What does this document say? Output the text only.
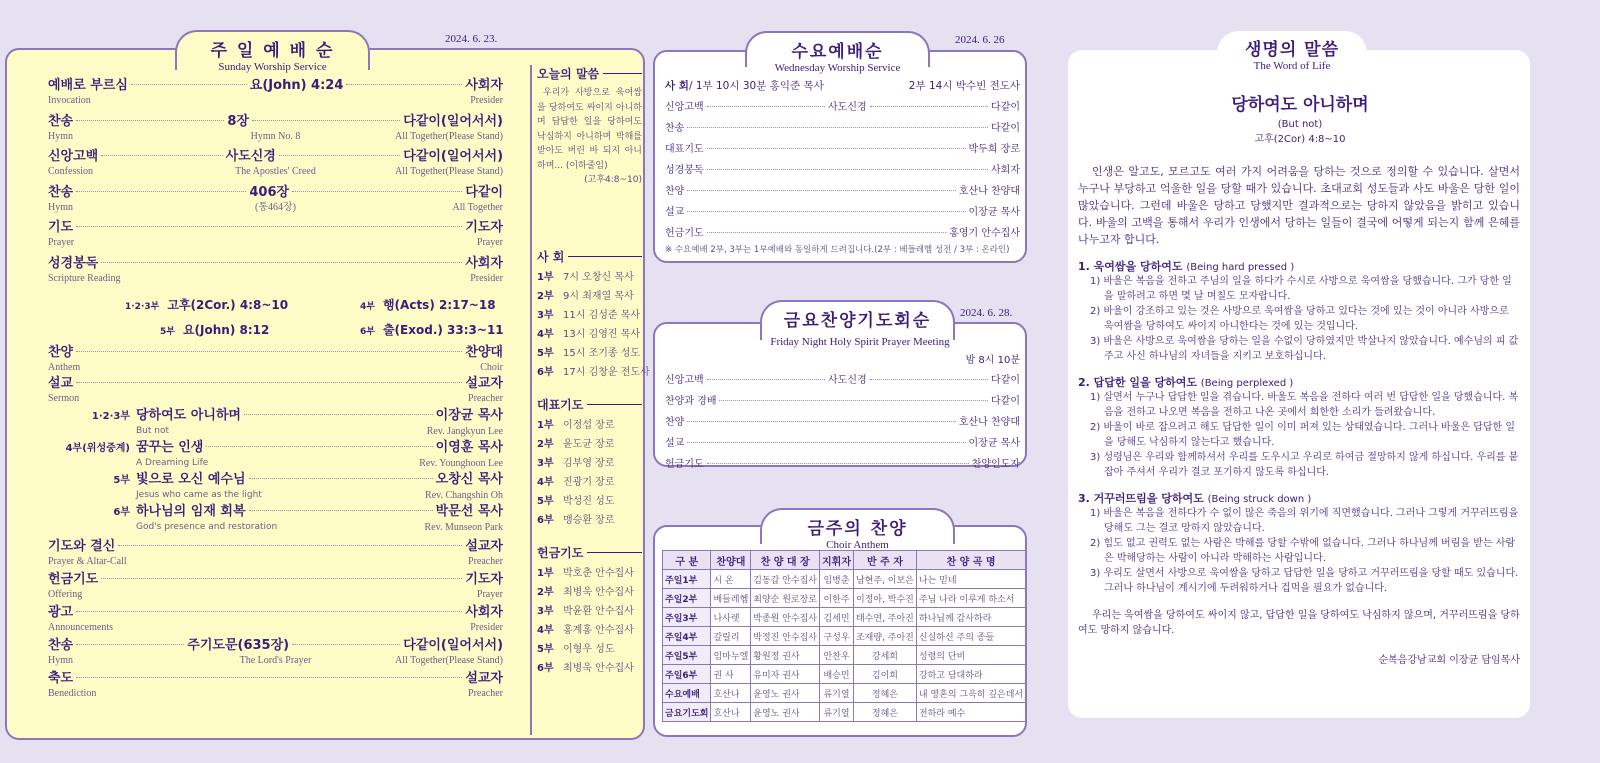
주 일 예 배 순
Sunday Worship Service
2024. 6. 23.
예배로 부르심	요(John) 4:24	사회자
Invocation	Presider
찬송	8장	다같이(일어서서)
Hymn	Hymn No. 8	All Together(Please Stand)
신앙고백	사도신경	다같이(일어서서)
Confession	The Apostles' Creed	All Together(Please Stand)
찬송	406장	다같이
Hymn	(통464장)	All Together
기도	기도자
Prayer	Prayer
성경봉독	사회자
Scripture Reading	Presider
1·2·3부 고후(2Cor.) 4:8~10	4부 행(Acts) 2:17~18
5부 요(John) 8:12	6부 출(Exod.) 33:3~11
찬양	찬양대
Anthem	Choir
설교	설교자
Sermon	Preacher
1·2·3부 당하여도 아니하며	이장균 목사
But not	Rev. Jangkyun Lee
4부(위성중계) 꿈꾸는 인생	이영훈 목사
A Dreaming Life	Rev. Younghoon Lee
5부 빛으로 오신 예수님	오창신 목사
Jesus who came as the light	Rev. Changshin Oh
6부 하나님의 임재 회복	박문선 목사
God's presence and restoration	Rev. Munseon Park
기도와 결신	설교자
Prayer & Altar-Call	Preacher
헌금기도	기도자
Offering	Prayer
광고	사회자
Announcements	Presider
찬송	주기도문(635장)	다같이(일어서서)
Hymn	The Lord's Prayer	All Together(Please Stand)
축도	설교자
Benediction	Preacher
오늘의 말씀
우리가 사방으로 욱여쌈을 당하여도 싸이지 아니하며 답답한 일을 당하여도 낙심하지 아니하며 박해를 받아도 버린 바 되지 아니하며... (이하줄임)
(고후4:8~10)
사 회
1부 7시 오창신 목사
2부 9시 최재열 목사
3부 11시 김성준 목사
4부 13시 김영진 목사
5부 15시 조기종 성도
6부 17시 김창운 전도사
대표기도
1부 이정섭 장로
2부 윤도균 장로
3부 김부영 장로
4부 진광기 장로
5부 박성진 성도
6부 맹승환 장로
헌금기도
1부 박호춘 안수집사
2부 최병욱 안수집사
3부 박윤환 안수집사
4부 홍계홍 안수집사
5부 이형우 성도
6부 최병욱 안수집사
수요예배순
Wednesday Worship Service
2024. 6. 26
사 회 / 1부 10시 30분 홍익준 목사	2부 14시 박수빈 전도사
신앙고백	사도신경	다같이
찬송	다같이
대표기도	박두희 장로
성경봉독	사회자
찬양	호산나 찬양대
설교	이장균 목사
헌금기도	홍영기 안수집사
※ 수요예배 2부, 3부는 1부예배와 동일하게 드려집니다.(2부 : 베들레헴 성전 / 3부 : 온라인)
금요찬양기도회순
Friday Night Holy Spirit Prayer Meeting
2024. 6. 28.
밤 8시 10분
신앙고백	사도신경	다같이
찬양과 경배	다같이
찬양	호산나 찬양대
설교	이장균 목사
헌금기도	찬양인도자
금주의 찬양
Choir Anthem
구 분	찬양대	찬 양 대 장	지휘자	반 주 자	찬 양 곡 명
주일1부	시 온	김동갑 안수집사	임병춘	남현주, 이보은	나는 믿네
주일2부	베들레헴	최양순 원로장로	이한주	이정아, 박수진	주님 나라 이루게 하소서
주일3부	나사렛	박종원 안수집사	김세민	태수연, 주아진	하나님께 감사하라
주일4부	갈릴리	박정진 안수집사	구성우	조재량, 주아진	신실하신 주의 종들
주일5부	임마누엘	황원정 권사	안찬우	강세희	성령의 단비
주일6부	권 사	유미자 권사	배승민	김이희	강하고 담대하라
수요예배	호산나	윤영노 권사	류기열	정혜은	내 영혼의 그윽히 깊은데서
금요기도회	호산나	윤영노 권사	류기열	정혜은	전하라 예수
생명의 말씀
The Word of Life
당하여도 아니하며
(But not)
고후(2Cor) 4:8~10
인생은 알고도, 모르고도 여러 가지 어려움을 당하는 것으로 정의할 수 있습니다. 살면서 누구나 부당하고 억울한 일을 당할 때가 있습니다. 초대교회 성도들과 사도 바울은 당한 일이 많았습니다. 그런데 바울은 당하고 당했지만 결과적으로는 당하지 않았음을 밝히고 있습니다. 바울의 고백을 통해서 우리가 인생에서 당하는 일들이 결국에 어떻게 되는지 함께 은혜를 나누고자 합니다.
1. 욱여쌈을 당하여도 (Being hard pressed )
1) 바울은 복음을 전하고 주님의 일을 하다가 수시로 사방으로 욱여쌈을 당했습니다. 그가 당한 일을 말하려고 하면 몇 날 며칠도 모자랍니다.
2) 바울이 강조하고 있는 것은 사방으로 욱여쌈을 당하고 있다는 것에 있는 것이 아니라 사방으로 욱여쌈을 당하여도 싸이지 아니한다는 것에 있는 것입니다.
3) 바울은 사방으로 욱여쌈을 당하는 일을 수없이 당하였지만 박살나지 않았습니다. 예수님의 피 값주고 사신 하나님의 자녀들을 지키고 보호하십니다.
2. 답답한 일을 당하여도 (Being perplexed )
1) 살면서 누구나 답답한 일을 겪습니다. 바울도 복음을 전하다 여러 번 답답한 일을 당했습니다. 복음을 전하고 나오면 복음을 전하고 나온 곳에서 희한한 소리가 들려왔습니다.
2) 바울이 바로 잡으려고 해도 답답한 일이 이미 퍼져 있는 상태였습니다. 그러나 바울은 답답한 일을 당해도 낙심하지 않는다고 했습니다.
3) 성령님은 우리와 함께하셔서 우리를 도우시고 우리로 하여금 절망하지 않게 하십니다. 우리를 붙잡아 주셔서 우리가 결코 포기하지 않도록 하십니다.
3. 거꾸러뜨림을 당하여도 (Being struck down )
1) 바울은 복음을 전하다가 수 없이 많은 죽음의 위기에 직면했습니다. 그러나 그렇게 거꾸러뜨림을 당해도 그는 결코 망하지 않았습니다.
2) 힘도 없고 권력도 없는 사람은 박해를 당할 수밖에 없습니다. 그러나 하나님께 버림을 받는 사람은 박해당하는 사람이 아니라 박해하는 사람입니다.
3) 우리도 살면서 사방으로 욱여쌈을 당하고 답답한 일을 당하고 거꾸러뜨림을 당할 때도 있습니다. 그러나 하나님이 계시기에 두려워하거나 겁먹을 필요가 없습니다.
우리는 욱여쌈을 당하여도 싸이지 않고, 답답한 일을 당하여도 낙심하지 않으며, 거꾸러뜨림을 당하여도 망하지 않습니다.
순복음강남교회 이장균 담임목사
